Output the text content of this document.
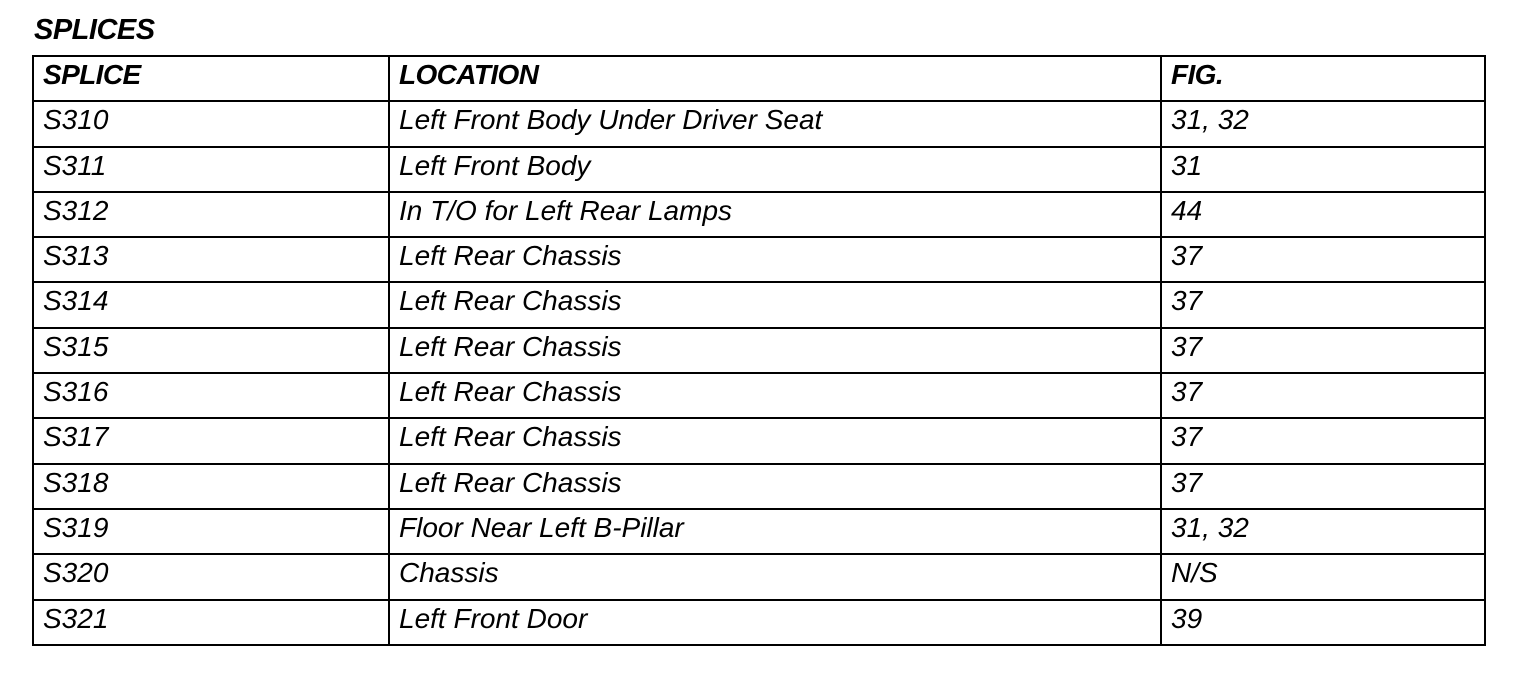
SPLICES
SPLICE	LOCATION	FIG.
S310	Left Front Body Under Driver Seat	31, 32
S311	Left Front Body	31
S312	In T/O for Left Rear Lamps	44
S313	Left Rear Chassis	37
S314	Left Rear Chassis	37
S315	Left Rear Chassis	37
S316	Left Rear Chassis	37
S317	Left Rear Chassis	37
S318	Left Rear Chassis	37
S319	Floor Near Left B-Pillar	31, 32
S320	Chassis	N/S
S321	Left Front Door	39
